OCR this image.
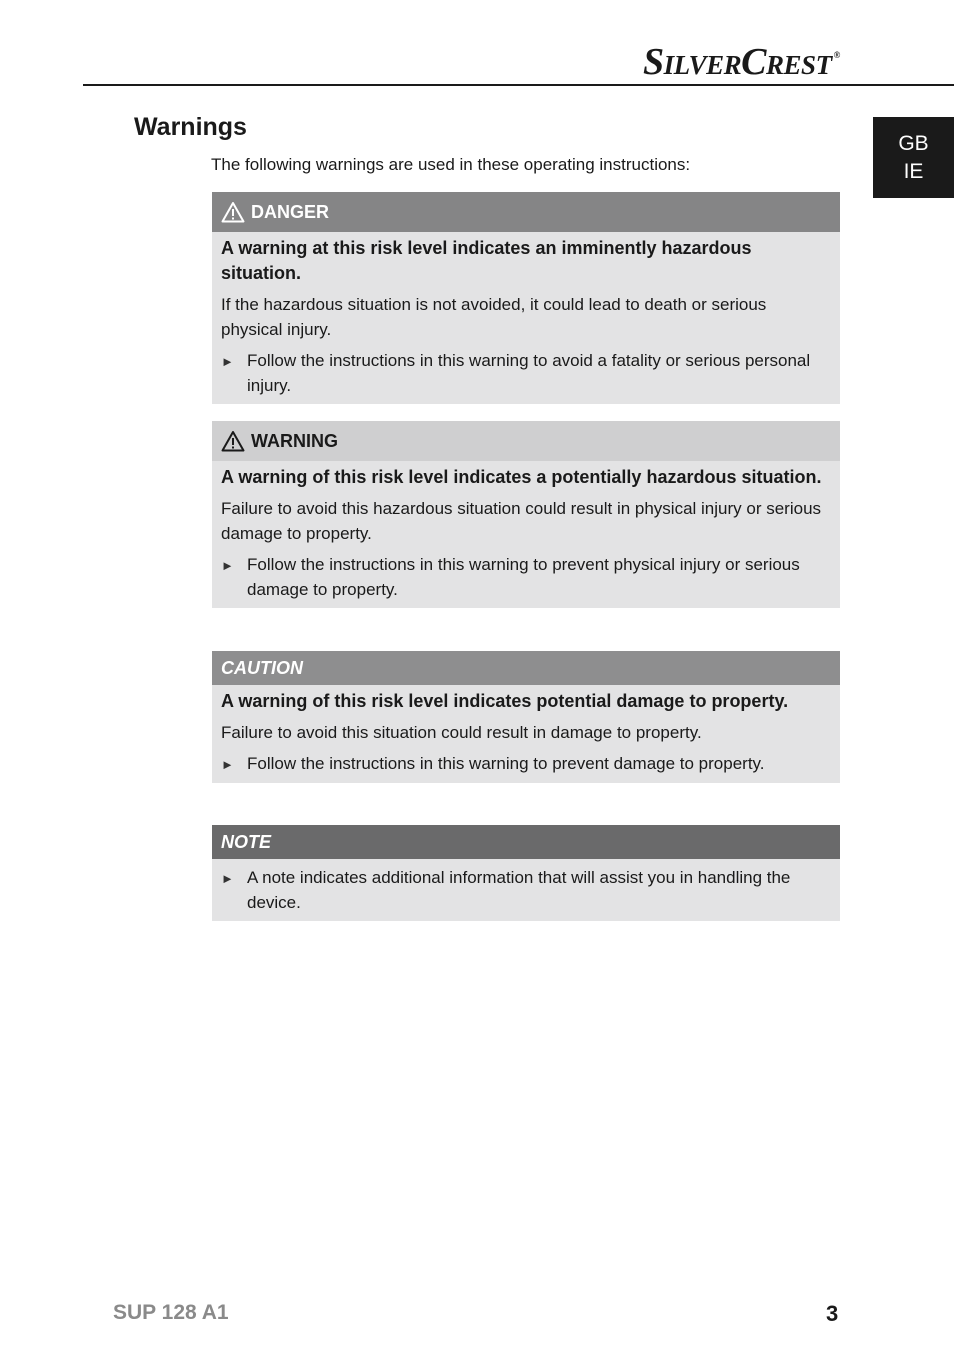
SILVERCREST ®
GB
IE
Warnings

The following warnings are used in these operating instructions:

DANGER

A warning at this risk level indicates an imminently hazardous situation.

If the hazardous situation is not avoided, it could lead to death or serious physical injury.

► Follow the instructions in this warning to avoid a fatality or serious personal injury.
WARNING

A warning of this risk level indicates a potentially hazardous situation.

Failure to avoid this hazardous situation could result in physical injury or serious damage to property.

► Follow the instructions in this warning to prevent physical injury or serious damage to property.
CAUTION

A warning of this risk level indicates potential damage to property.

Failure to avoid this situation could result in damage to property.

► Follow the instructions in this warning to prevent damage to property.
NOTE
► A note indicates additional information that will assist you in handling the device.

SUP 128 A1	3
